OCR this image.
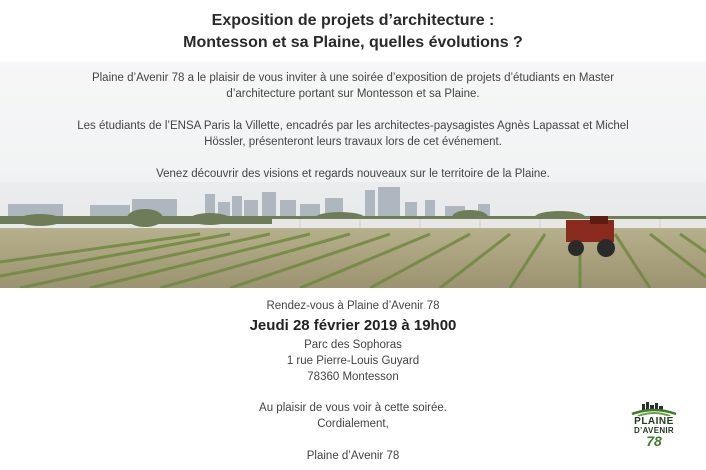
Exposition de projets d’architecture :
Montesson et sa Plaine, quelles évolutions ?

Plaine d’Avenir 78 a le plaisir de vous inviter à une soirée d’exposition de projets d’étudiants en Master
d’architecture portant sur Montesson et sa Plaine.

Les étudiants de l’ENSA Paris la Villette, encadrés par les architectes-paysagistes Agnès Lapassat et Michel
Hössler, présenteront leurs travaux lors de cet événement.

Venez découvrir des visions et regards nouveaux sur le territoire de la Plaine.

Rendez-vous à Plaine d’Avenir 78

Jeudi 28 février 2019 à 19h00

Parc des Sophoras

1 rue Pierre-Louis Guyard

78360 Montesson

Au plaisir de vous voir à cette soirée.

Cordialement,

Plaine d’Avenir 78

PLAINE
D’AVENIR
78
